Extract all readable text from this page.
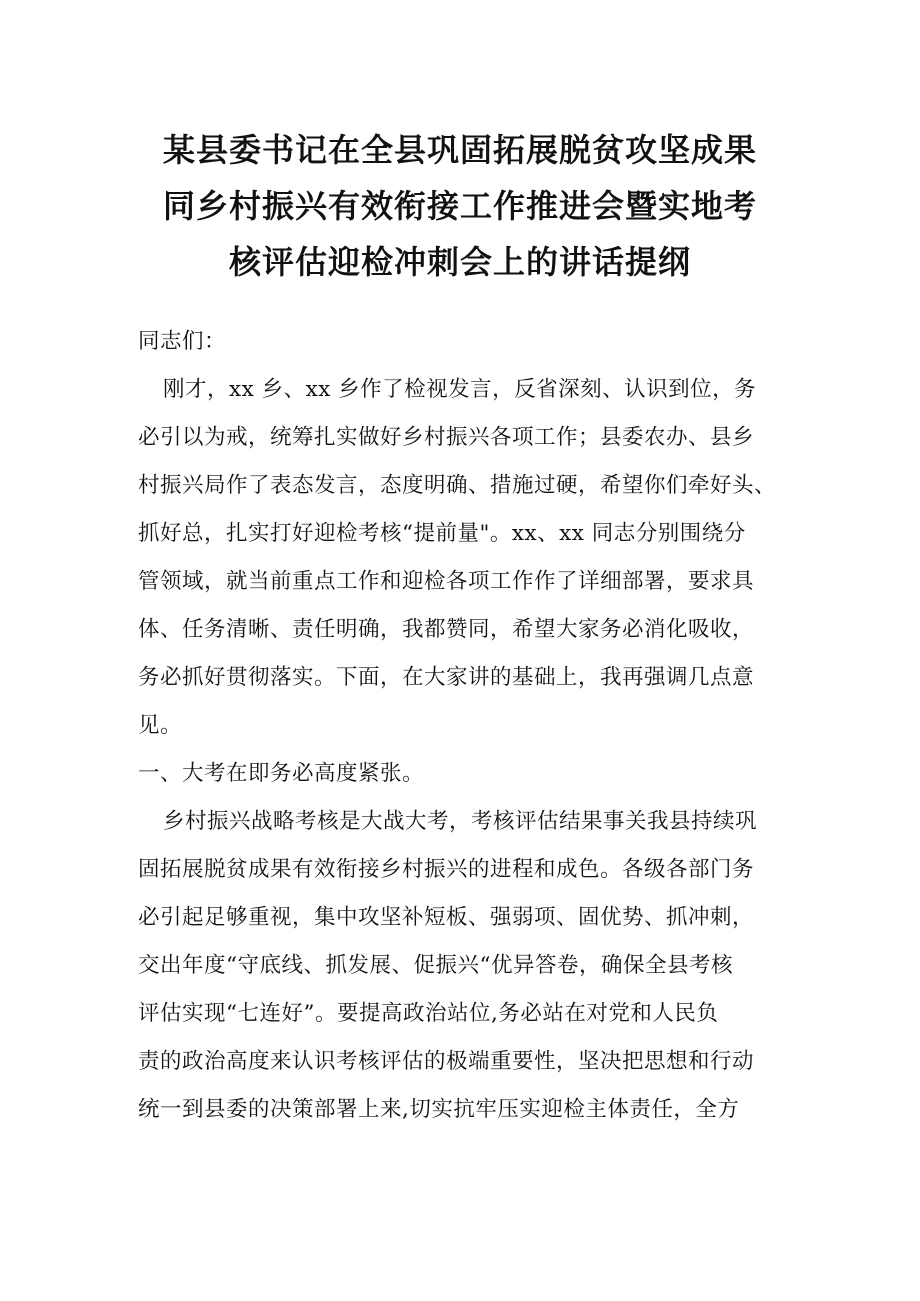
某县委书记在全县巩固拓展脱贫攻坚成果
同乡村振兴有效衔接工作推进会暨实地考
核评估迎检冲刺会上的讲话提纲
同志们：
刚才，xx 乡、xx 乡作了检视发言，反省深刻、认识到位，务
必引以为戒，统筹扎实做好乡村振兴各项工作；县委农办、县乡
村振兴局作了表态发言，态度明确、措施过硬，希望你们牵好头、
抓好总，扎实打好迎检考核“提前量"。xx、xx 同志分别围绕分
管领域，就当前重点工作和迎检各项工作作了详细部署，要求具
体、任务清晰、责任明确，我都赞同，希望大家务必消化吸收，
务必抓好贯彻落实。下面，在大家讲的基础上，我再强调几点意
见。
一、大考在即务必高度紧张。
乡村振兴战略考核是大战大考，考核评估结果事关我县持续巩
固拓展脱贫成果有效衔接乡村振兴的进程和成色。各级各部门务
必引起足够重视，集中攻坚补短板、强弱项、固优势、抓冲刺，
交出年度“守底线、抓发展、促振兴“优异答卷，确保全县考核
评估实现“七连好”。要提高政治站位,务必站在对党和人民负
责的政治高度来认识考核评估的极端重要性，坚决把思想和行动
统一到县委的决策部署上来,切实抗牢压实迎检主体责任，全方
